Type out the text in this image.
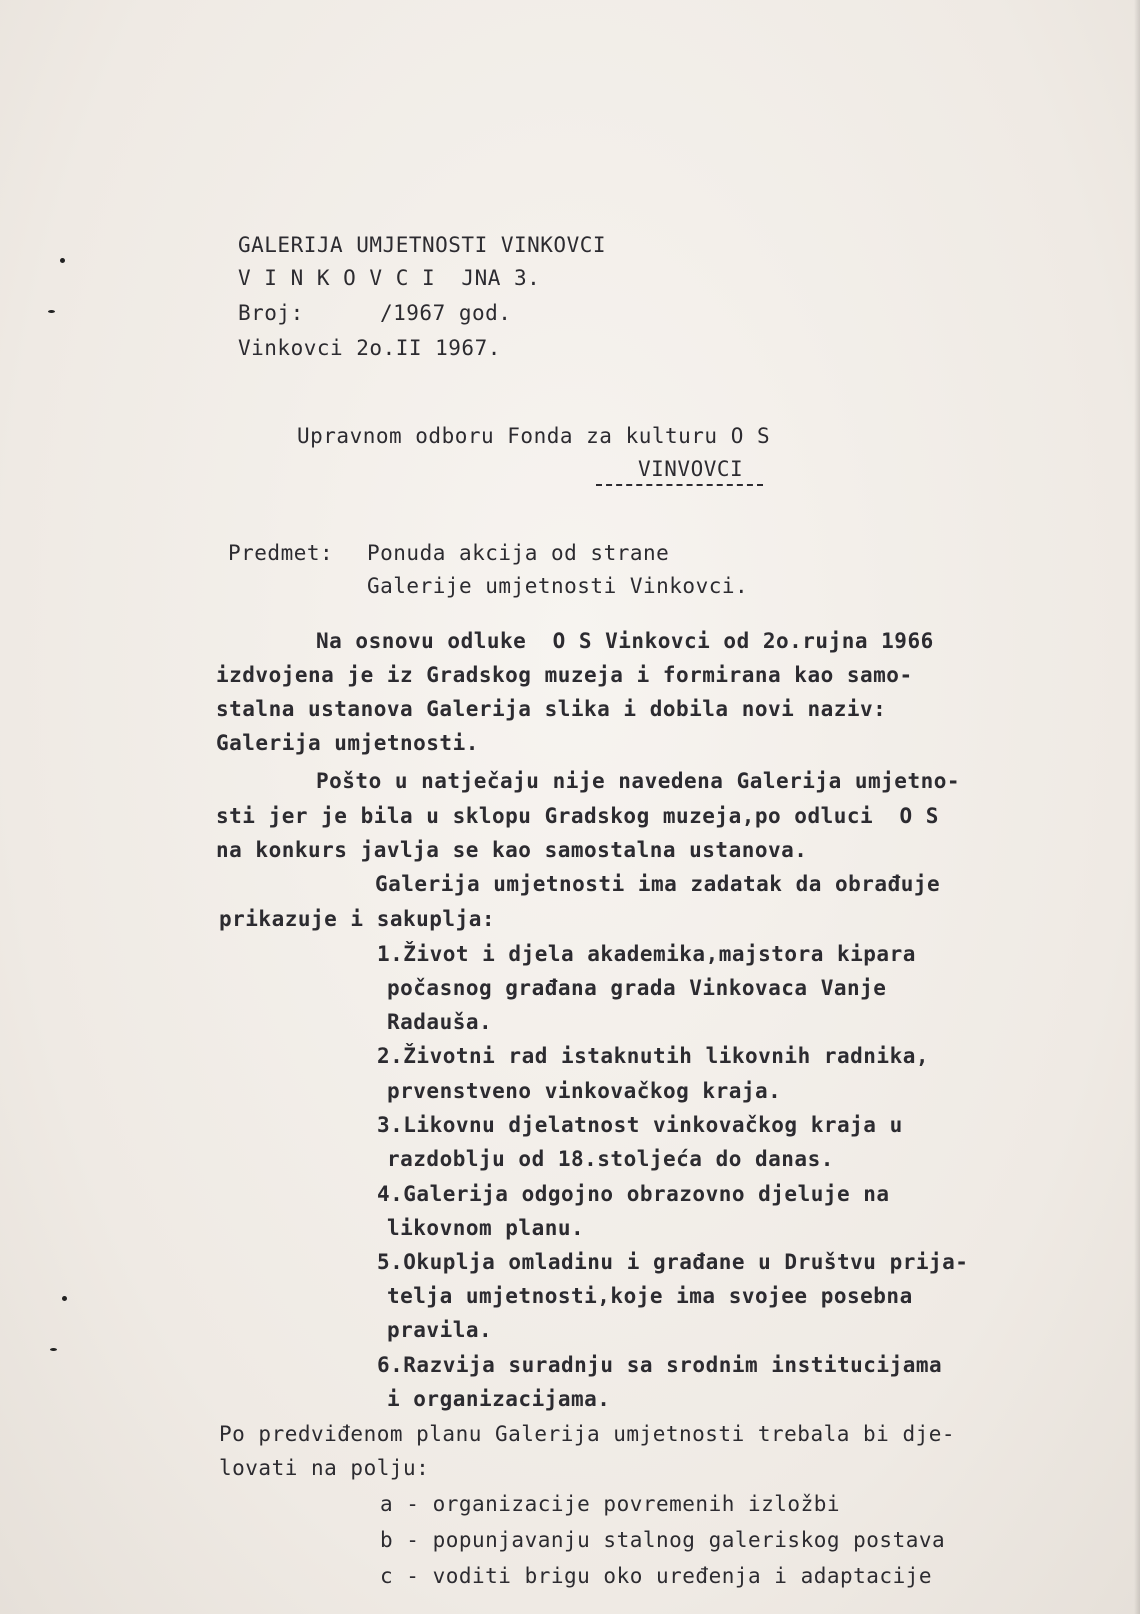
GALERIJA UMJETNOSTI VINKOVCI
V I N K O V C I  JNA 3.
Broj:	/1967 god.
Vinkovci 2o.II 1967.
Upravnom odboru Fonda za kulturu O S
VINVOVCI
Predmet: Ponuda akcija od strane
Galerije umjetnosti Vinkovci.
Na osnovu odluke  O S Vinkovci od 2o.rujna 1966
izdvojena je iz Gradskog muzeja i formirana kao samo-
stalna ustanova Galerija slika i dobila novi naziv:
Galerija umjetnosti.
Pošto u natječaju nije navedena Galerija umjetno-
sti jer je bila u sklopu Gradskog muzeja,po odluci  O S
na konkurs javlja se kao samostalna ustanova.
Galerija umjetnosti ima zadatak da obrađuje
prikazuje i sakuplja:
1.Život i djela akademika,majstora kipara
počasnog građana grada Vinkovaca Vanje
Radauša.
2.Životni rad istaknutih likovnih radnika,
prvenstveno vinkovačkog kraja.
3.Likovnu djelatnost vinkovačkog kraja u
razdoblju od 18.stoljeća do danas.
4.Galerija odgojno obrazovno djeluje na
likovnom planu.
5.Okuplja omladinu i građane u Društvu prija-
telja umjetnosti,koje ima svojee posebna
pravila.
6.Razvija suradnju sa srodnim institucijama
i organizacijama.
Po predviđenom planu Galerija umjetnosti trebala bi dje-
lovati na polju:
a - organizacije povremenih izložbi
b - popunjavanju stalnog galeriskog postava
c - voditi brigu oko uređenja i adaptacije
